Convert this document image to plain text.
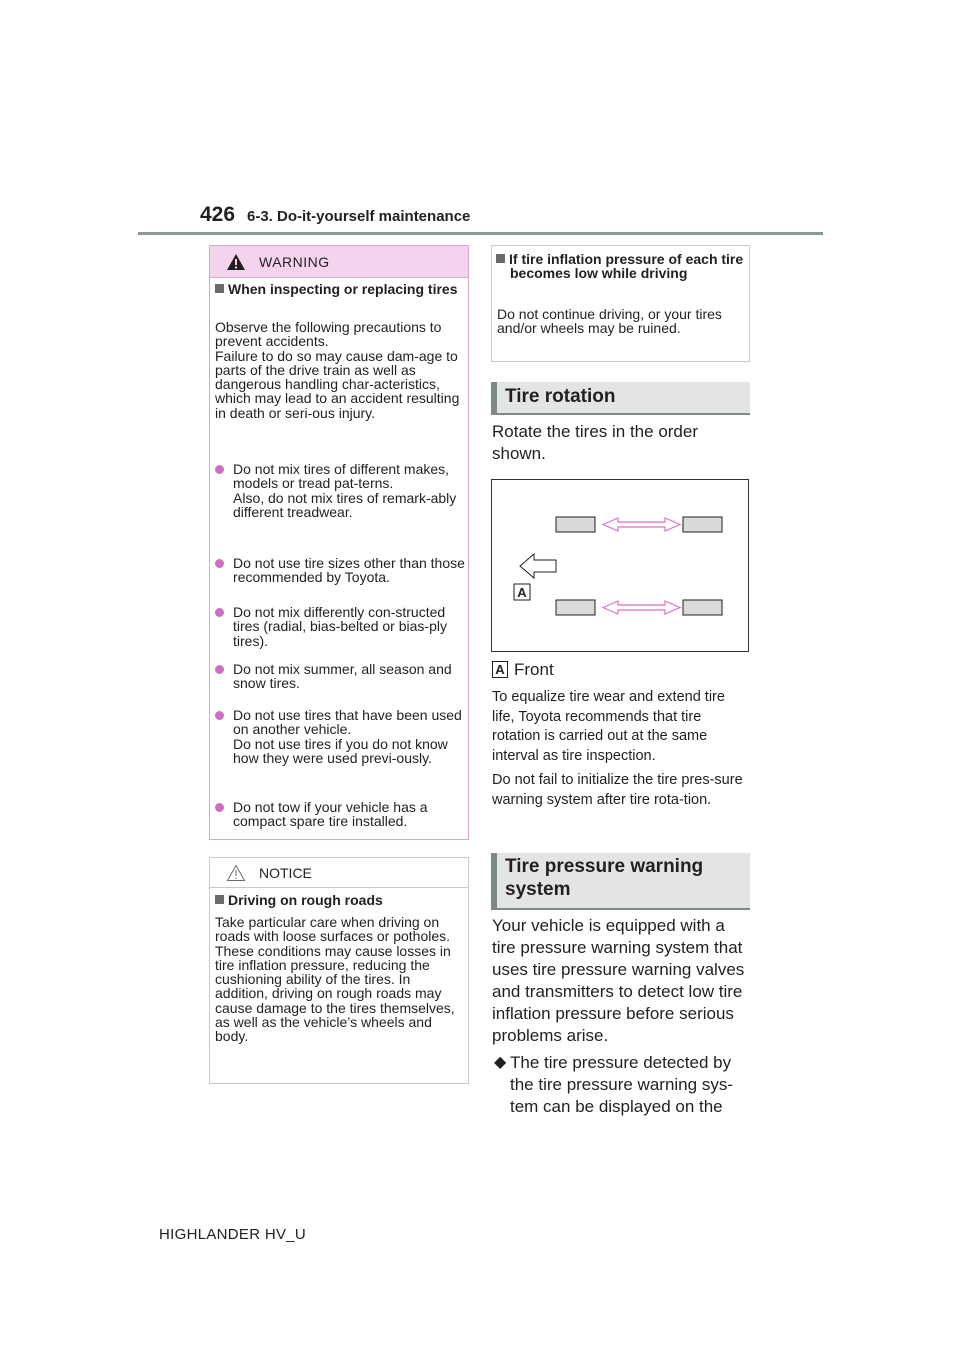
426 6-3. Do-it-yourself maintenance
WARNING
When inspecting or replacing tires
Observe the following precautions to prevent accidents.
Failure to do so may cause dam-age to parts of the drive train as well as dangerous handling char-acteristics, which may lead to an accident resulting in death or seri-ous injury.
Do not mix tires of different makes, models or tread pat-terns.
Also, do not mix tires of remark-ably different treadwear.
Do not use tire sizes other than those recommended by Toyota.
Do not mix differently con-structed tires (radial, bias-belted or bias-ply tires).
Do not mix summer, all season and snow tires.
Do not use tires that have been used on another vehicle.
Do not use tires if you do not know how they were used previ-ously.
Do not tow if your vehicle has a compact spare tire installed.
NOTICE
Driving on rough roads
Take particular care when driving on roads with loose surfaces or potholes.
These conditions may cause losses in tire inflation pressure, reducing the cushioning ability of the tires. In addition, driving on rough roads may cause damage to the tires themselves, as well as the vehicle’s wheels and body.
If tire inflation pressure of each tire becomes low while driving
Do not continue driving, or your tires and/or wheels may be ruined.
Tire rotation
Rotate the tires in the order shown.
A
A Front
To equalize tire wear and extend tire life, Toyota recommends that tire rotation is carried out at the same interval as tire inspection.
Do not fail to initialize the tire pres-sure warning system after tire rota-tion.
Tire pressure warning
system
Your vehicle is equipped with a tire pressure warning system that uses tire pressure warning valves and transmitters to detect low tire inflation pressure before serious problems arise.
◆ The tire pressure detected by the tire pressure warning sys-tem can be displayed on the
HIGHLANDER HV_U
